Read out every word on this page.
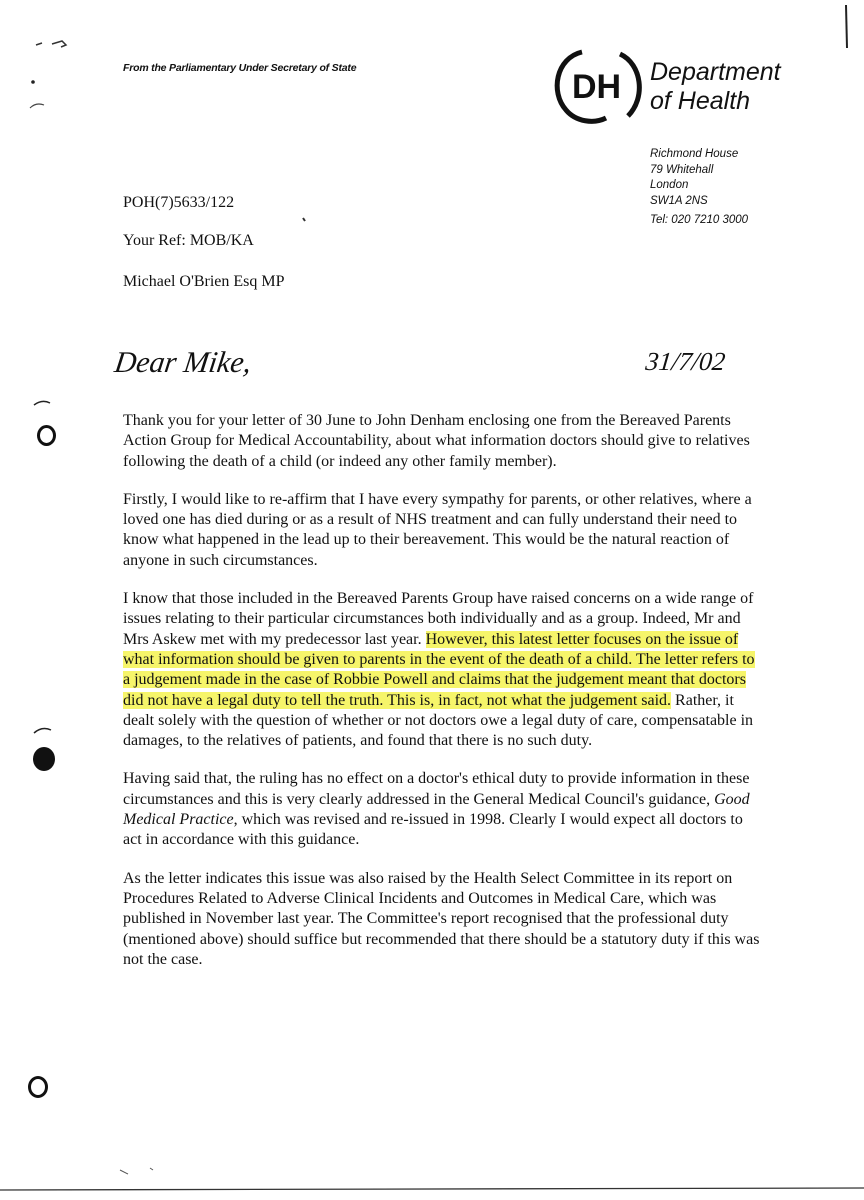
From the Parliamentary Under Secretary of State	DH Department
of Health
Richmond House
79 Whitehall
London
SW1A 2NS
Tel: 020 7210 3000
POH(7)5633/122
Your Ref: MOB/KA
Michael O'Brien Esq MP
Dear Mike,	31/7/02

Thank you for your letter of 30 June to John Denham enclosing one from the Bereaved Parents Action Group for Medical Accountability, about what information doctors should give to relatives following the death of a child (or indeed any other family member).

Firstly, I would like to re-affirm that I have every sympathy for parents, or other relatives, where a loved one has died during or as a result of NHS treatment and can fully understand their need to know what happened in the lead up to their bereavement. This would be the natural reaction of anyone in such circumstances.

I know that those included in the Bereaved Parents Group have raised concerns on a wide range of issues relating to their particular circumstances both individually and as a group. Indeed, Mr and Mrs Askew met with my predecessor last year. However, this latest letter focuses on the issue of what information should be given to parents in the event of the death of a child. The letter refers to a judgement made in the case of Robbie Powell and claims that the judgement meant that doctors did not have a legal duty to tell the truth. This is, in fact, not what the judgement said. Rather, it dealt solely with the question of whether or not doctors owe a legal duty of care, compensatable in damages, to the relatives of patients, and found that there is no such duty.

Having said that, the ruling has no effect on a doctor's ethical duty to provide information in these circumstances and this is very clearly addressed in the General Medical Council's guidance, Good Medical Practice, which was revised and re-issued in 1998. Clearly I would expect all doctors to act in accordance with this guidance.

As the letter indicates this issue was also raised by the Health Select Committee in its report on Procedures Related to Adverse Clinical Incidents and Outcomes in Medical Care, which was published in November last year. The Committee's report recognised that the professional duty (mentioned above) should suffice but recommended that there should be a statutory duty if this was not the case.
